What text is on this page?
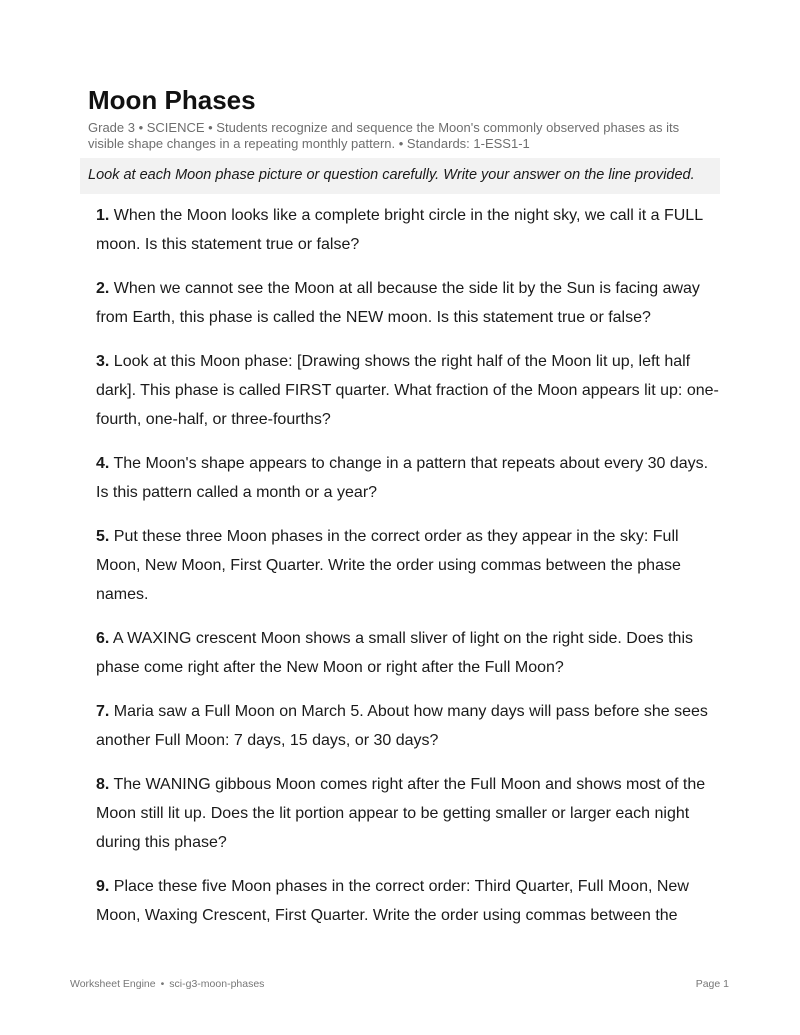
Moon Phases
Grade 3 • SCIENCE • Students recognize and sequence the Moon's commonly observed phases as its visible shape changes in a repeating monthly pattern. • Standards: 1-ESS1-1
Look at each Moon phase picture or question carefully. Write your answer on the line provided.
1. When the Moon looks like a complete bright circle in the night sky, we call it a FULL moon. Is this statement true or false?
2. When we cannot see the Moon at all because the side lit by the Sun is facing away from Earth, this phase is called the NEW moon. Is this statement true or false?
3. Look at this Moon phase: [Drawing shows the right half of the Moon lit up, left half dark]. This phase is called FIRST quarter. What fraction of the Moon appears lit up: one-fourth, one-half, or three-fourths?
4. The Moon's shape appears to change in a pattern that repeats about every 30 days. Is this pattern called a month or a year?
5. Put these three Moon phases in the correct order as they appear in the sky: Full Moon, New Moon, First Quarter. Write the order using commas between the phase names.
6. A WAXING crescent Moon shows a small sliver of light on the right side. Does this phase come right after the New Moon or right after the Full Moon?
7. Maria saw a Full Moon on March 5. About how many days will pass before she sees another Full Moon: 7 days, 15 days, or 30 days?
8. The WANING gibbous Moon comes right after the Full Moon and shows most of the Moon still lit up. Does the lit portion appear to be getting smaller or larger each night during this phase?
9. Place these five Moon phases in the correct order: Third Quarter, Full Moon, New Moon, Waxing Crescent, First Quarter. Write the order using commas between the
Worksheet Engine • sci-g3-moon-phases	Page 1
